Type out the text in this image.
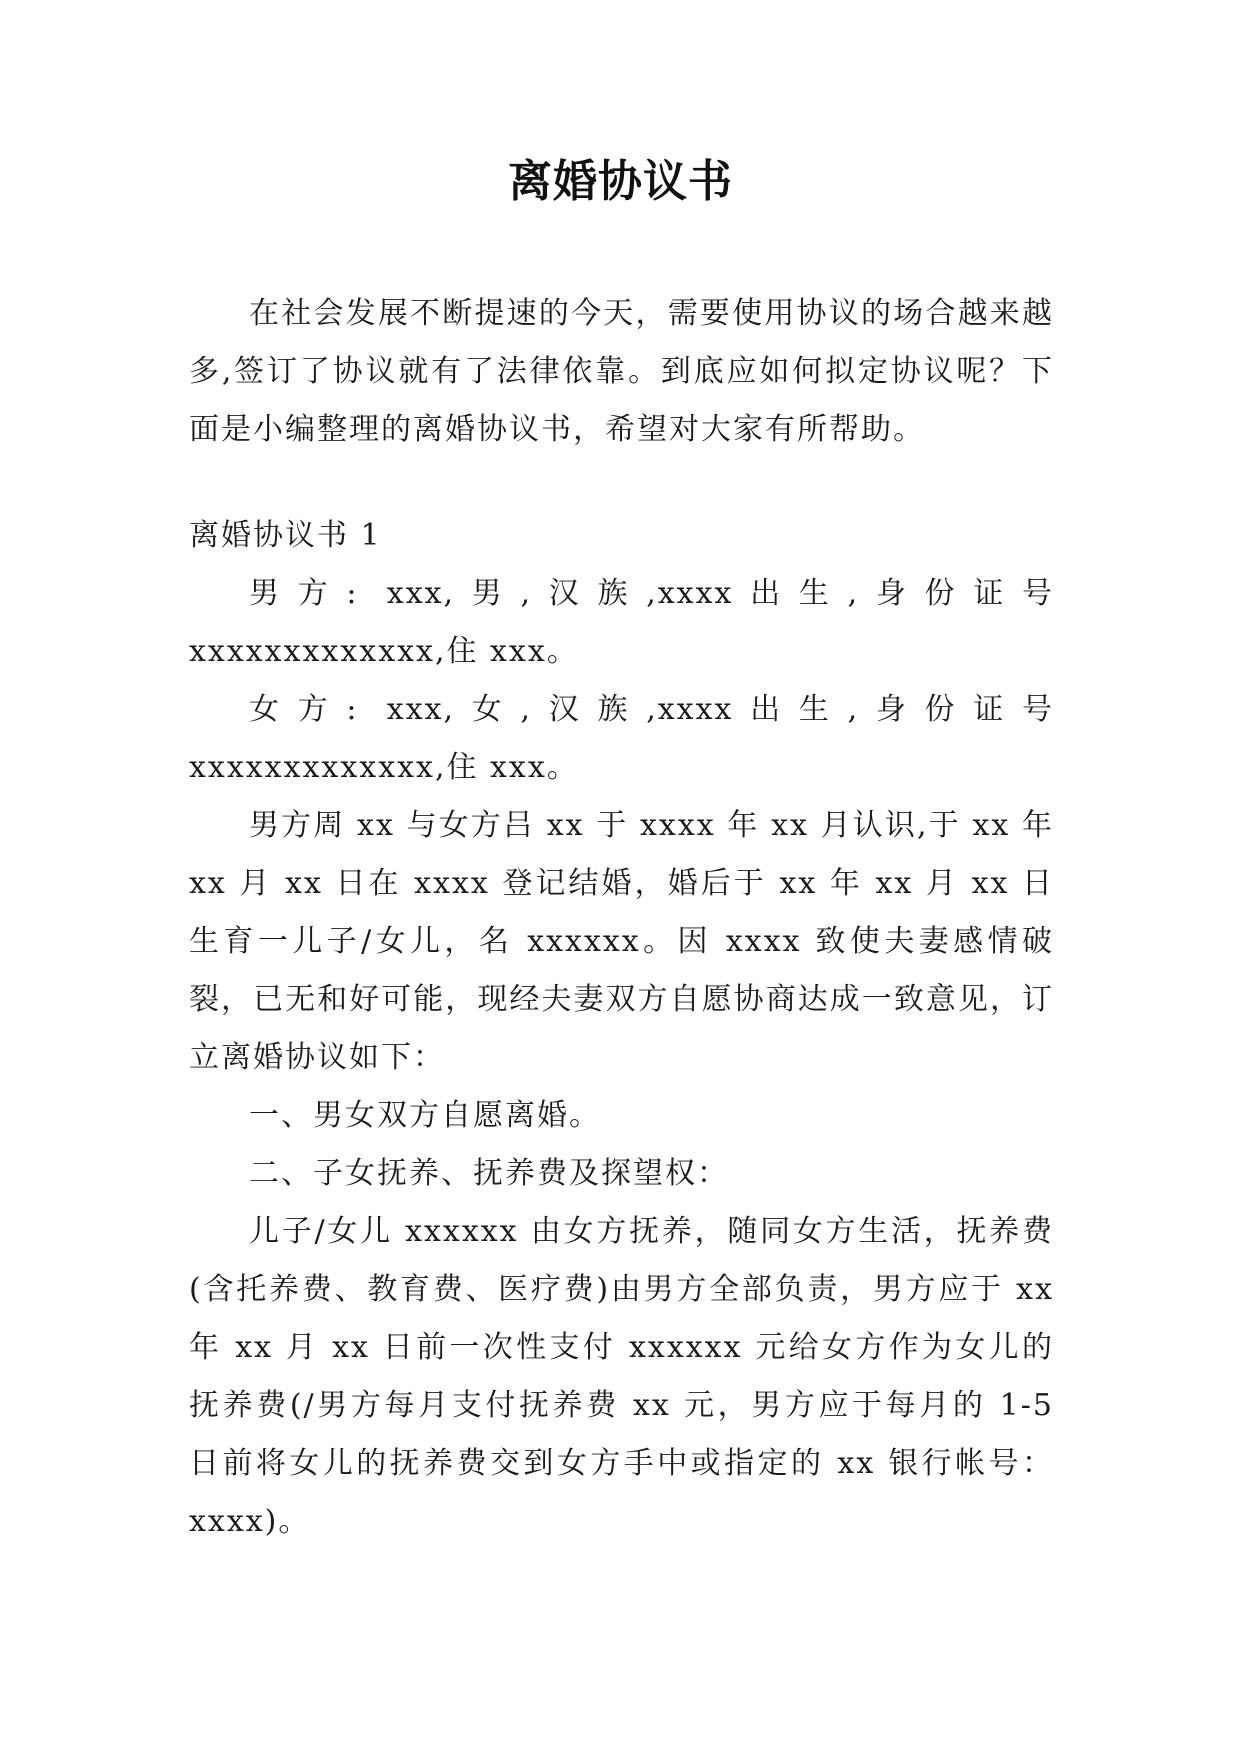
离婚协议书

在社会发展不断提速的今天，需要使用协议的场合越来越多,签订了协议就有了法律依靠。到底应如何拟定协议呢？下面是小编整理的离婚协议书，希望对大家有所帮助。

离婚协议书 1

男方: xxx,男,汉族,xxxx出生,身份证号xxxxxxxxxxxxx,住 xxx。

女方: xxx,女,汉族,xxxx出生,身份证号xxxxxxxxxxxxx,住 xxx。

男方周 xx 与女方吕 xx 于 xxxx 年 xx 月认识,于 xx 年 xx 月 xx 日在 xxxx 登记结婚，婚后于 xx 年 xx 月 xx 日生育一儿子/女儿，名 xxxxxx。因 xxxx 致使夫妻感情破裂，已无和好可能，现经夫妻双方自愿协商达成一致意见，订立离婚协议如下：

一、男女双方自愿离婚。

二、子女抚养、抚养费及探望权：

儿子/女儿 xxxxxx 由女方抚养，随同女方生活，抚养费(含托养费、教育费、医疗费)由男方全部负责，男方应于 xx 年 xx 月 xx 日前一次性支付 xxxxxx 元给女方作为女儿的抚养费(/男方每月支付抚养费 xx 元，男方应于每月的 1-5 日前将女儿的抚养费交到女方手中或指定的 xx 银行帐号：xxxx)。
